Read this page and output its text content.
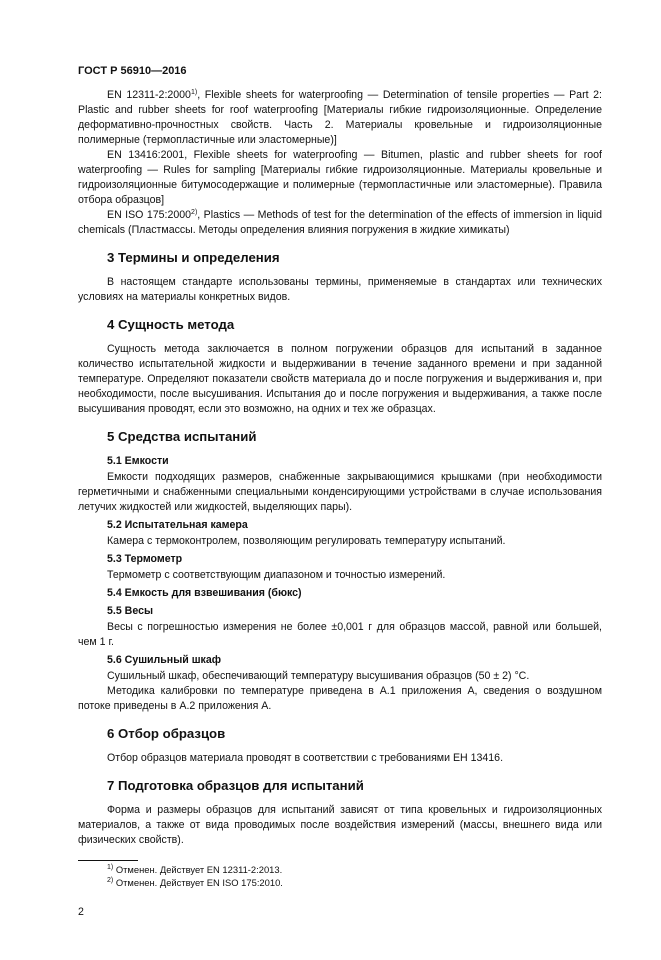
ГОСТ Р 56910—2016

EN 12311-2:2000$^{1)}$, Flexible sheets for waterproofing — Determination of tensile properties — Part 2: Plastic and rubber sheets for roof waterproofing [Материалы гибкие гидроизоляционные. Определение деформативно-прочностных свойств. Часть 2. Материалы кровельные и гидроизоляционные полимерные (термопластичные или эластомерные)]

EN 13416:2001, Flexible sheets for waterproofing — Bitumen, plastic and rubber sheets for roof waterproofing — Rules for sampling [Материалы гибкие гидроизоляционные. Материалы кровельные и гидроизоляционные битумосодержащие и полимерные (термопластичные или эластомерные). Правила отбора образцов]

EN ISO 175:2000$^{2)}$, Plastics — Methods of test for the determination of the effects of immersion in liquid chemicals (Пластмассы. Методы определения влияния погружения в жидкие химикаты)

3 Термины и определения

В настоящем стандарте использованы термины, применяемые в стандартах или технических условиях на материалы конкретных видов.

4 Сущность метода

Сущность метода заключается в полном погружении образцов для испытаний в заданное количество испытательной жидкости и выдерживании в течение заданного времени и при заданной температуре. Определяют показатели свойств материала до и после погружения и выдерживания и, при необходимости, после высушивания. Испытания до и после погружения и выдерживания, а также после высушивания проводят, если это возможно, на одних и тех же образцах.

5 Средства испытаний
5.1 Емкости

Емкости подходящих размеров, снабженные закрывающимися крышками (при необходимости герметичными и снабженными специальными конденсирующими устройствами в случае использования летучих жидкостей или жидкостей, выделяющих пары).

5.2 Испытательная камера

Камера с термоконтролем, позволяющим регулировать температуру испытаний.

5.3 Термометр

Термометр с соответствующим диапазоном и точностью измерений.

5.4 Емкость для взвешивания (бюкс)
5.5 Весы

Весы с погрешностью измерения не более ±0,001 г для образцов массой, равной или большей, чем 1 г.

5.6 Сушильный шкаф

Сушильный шкаф, обеспечивающий температуру высушивания образцов (50 ± 2) °С.

Методика калибровки по температуре приведена в А.1 приложения А, сведения о воздушном потоке приведены в А.2 приложения А.

6 Отбор образцов

Отбор образцов материала проводят в соответствии с требованиями ЕН 13416.

7 Подготовка образцов для испытаний

Форма и размеры образцов для испытаний зависят от типа кровельных и гидроизоляционных материалов, а также от вида проводимых после воздействия измерений (массы, внешнего вида или физических свойств).

$^{1)}$ Отменен. Действует EN 12311-2:2013.
$^{2)}$ Отменен. Действует EN ISO 175:2010.
2
